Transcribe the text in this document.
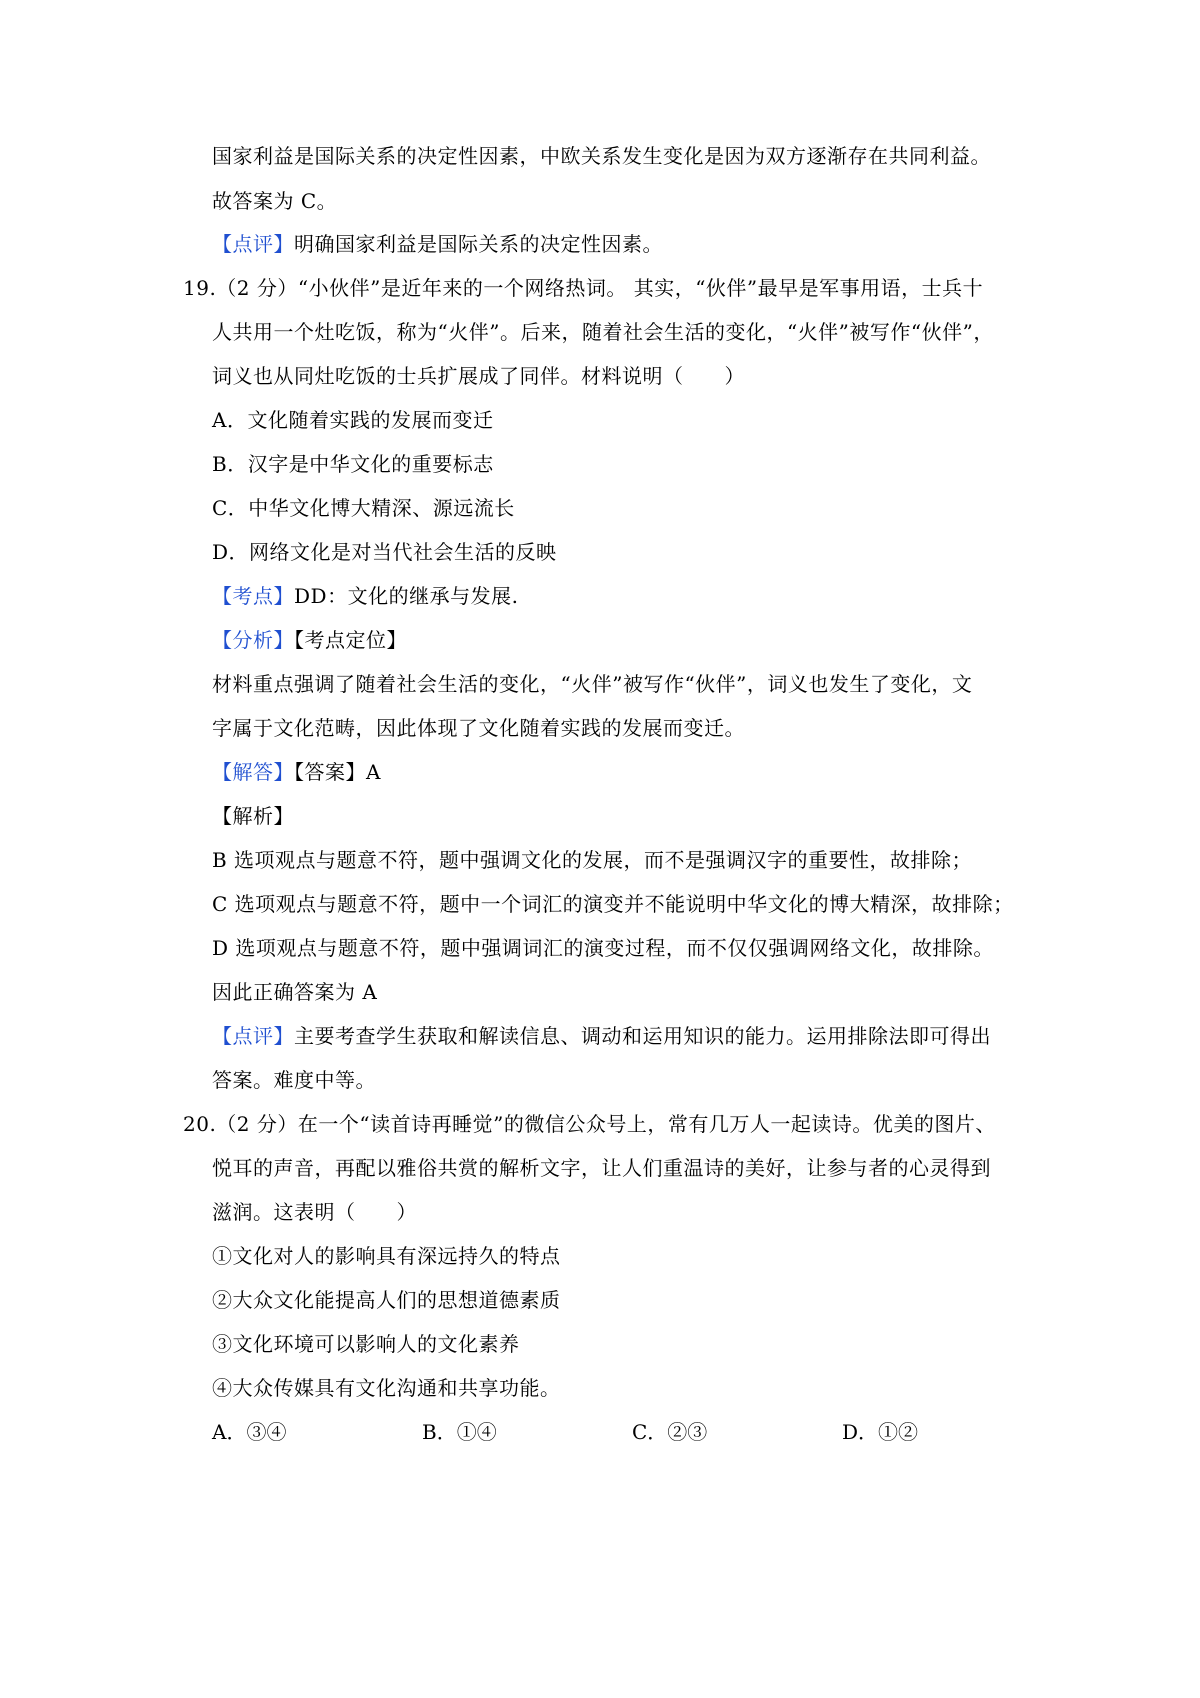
国家利益是国际关系的决定性因素，中欧关系发生变化是因为双方逐渐存在共同利益。
故答案为 C。
【点评】明确国家利益是国际关系的决定性因素。
19.（2 分）“小伙伴”是近年来的一个网络热词。 其实，“伙伴”最早是军事用语，士兵十
人共用一个灶吃饭，称为“火伴”。后来，随着社会生活的变化，“火伴”被写作“伙伴”，
词义也从同灶吃饭的士兵扩展成了同伴。材料说明（　　）
A．文化随着实践的发展而变迁
B．汉字是中华文化的重要标志
C．中华文化博大精深、源远流长
D．网络文化是对当代社会生活的反映
【考点】DD：文化的继承与发展.
【分析】【考点定位】
材料重点强调了随着社会生活的变化，“火伴”被写作“伙伴”，词义也发生了变化，文
字属于文化范畴，因此体现了文化随着实践的发展而变迁。
【解答】【答案】A
【解析】
B 选项观点与题意不符，题中强调文化的发展，而不是强调汉字的重要性，故排除；
C 选项观点与题意不符，题中一个词汇的演变并不能说明中华文化的博大精深，故排除；
D 选项观点与题意不符，题中强调词汇的演变过程，而不仅仅强调网络文化，故排除。
因此正确答案为 A
【点评】主要考查学生获取和解读信息、调动和运用知识的能力。运用排除法即可得出
答案。难度中等。
20.（2 分）在一个“读首诗再睡觉”的微信公众号上，常有几万人一起读诗。优美的图片、
悦耳的声音，再配以雅俗共赏的解析文字，让人们重温诗的美好，让参与者的心灵得到
滋润。这表明（　　）
①文化对人的影响具有深远持久的特点
②大众文化能提高人们的思想道德素质
③文化环境可以影响人的文化素养
④大众传媒具有文化沟通和共享功能。
A．③④	B．①④	C．②③	D．①②
